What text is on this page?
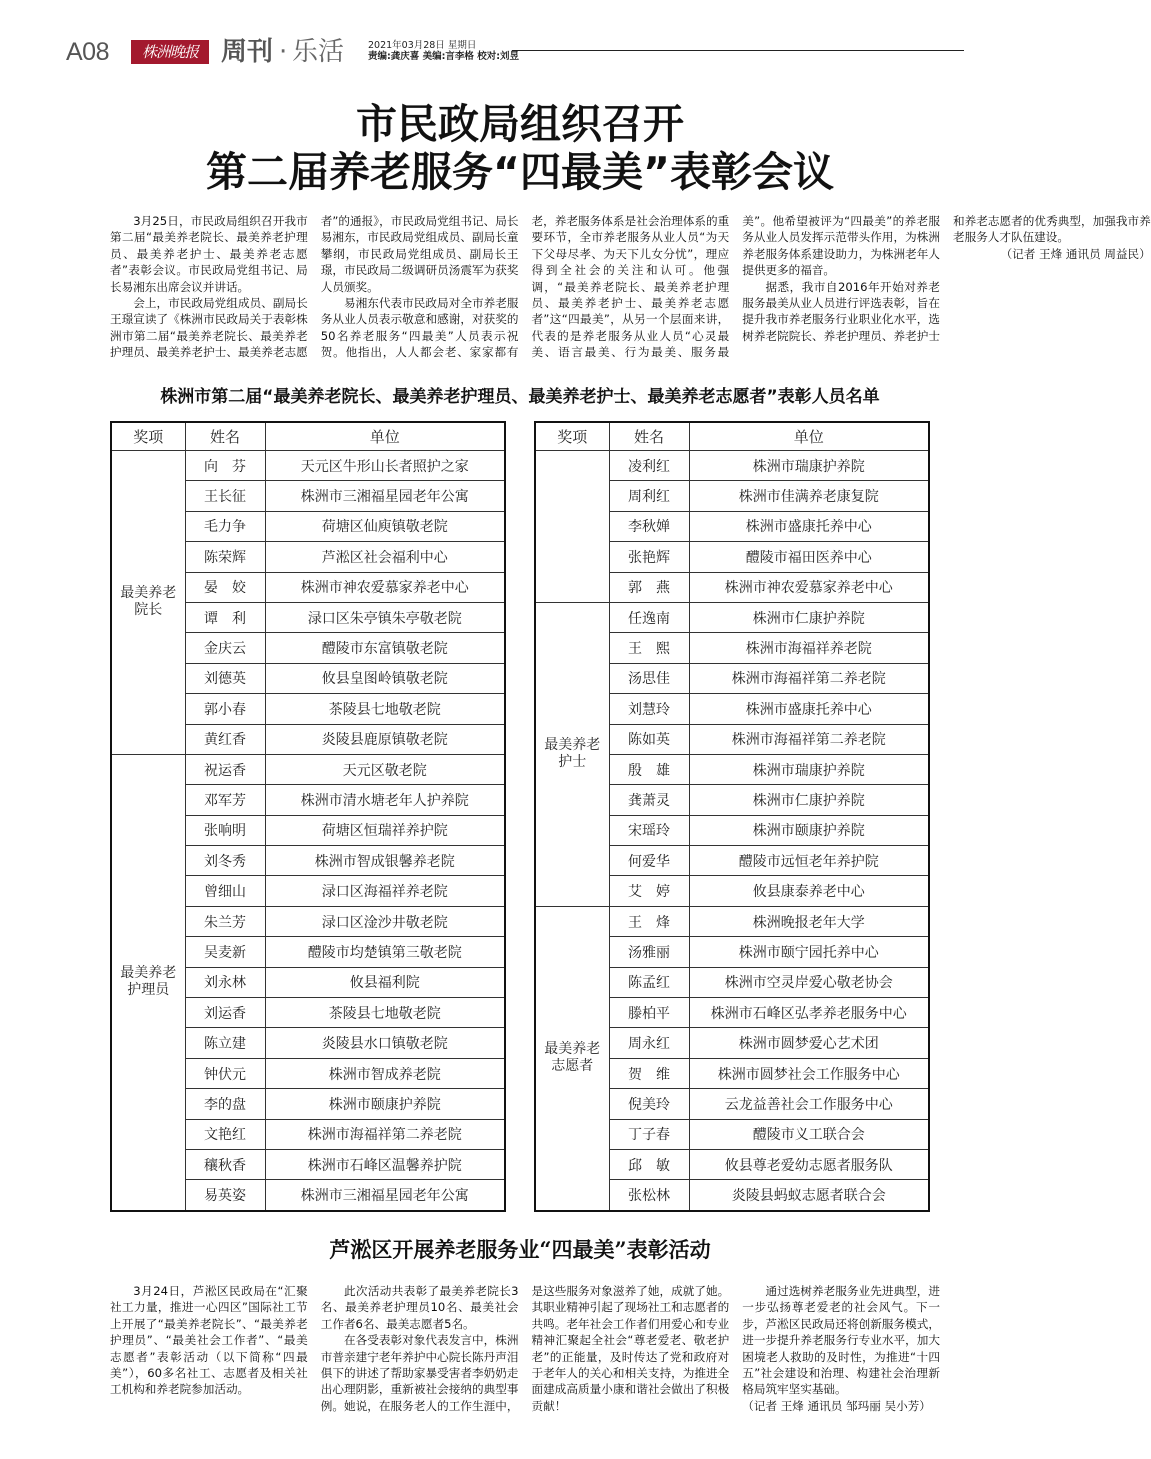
A08	株洲晚报 周刊 · 乐活	2021年03月28日 星期日
责编:龚庆喜 美编:言李格 校对:刘昱
市民政局组织召开
第二届养老服务“四最美”表彰会议

3月25日，市民政局组织召开我市第二届“最美养老院长、最美养老护理员、最美养老护士、最美养老志愿者”表彰会议。市民政局党组书记、局长易湘东出席会议并讲话。

会上，市民政局党组成员、副局长王璟宣读了《株洲市民政局关于表彰株洲市第二届“最美养老院长、最美养老护理员、最美养老护士、最美养老志愿者”的通报》，市民政局党组书记、局长易湘东，市民政局党组成员、副局长童攀纲，市民政局党组成员、副局长王璟，市民政局二级调研员汤震军为获奖人员颁奖。

易湘东代表市民政局对全市养老服务从业人员表示敬意和感谢，对获奖的50名养老服务“四最美”人员表示祝贺。他指出，人人都会老、家家都有老，养老服务体系是社会治理体系的重要环节，全市养老服务从业人员“为天下父母尽孝、为天下儿女分忧”，理应得到全社会的关注和认可。他强调，“最美养老院长、最美养老护理员、最美养老护士、最美养老志愿者”这“四最美”，从另一个层面来讲，代表的是养老服务从业人员“心灵最美、语言最美、行为最美、服务最美”。他希望被评为“四最美”的养老服务从业人员发挥示范带头作用，为株洲养老服务体系建设助力，为株洲老年人提供更多的福音。

据悉，我市自2016年开始对养老服务最美从业人员进行评选表彰，旨在提升我市养老服务行业职业化水平，选树养老院院长、养老护理员、养老护士和养老志愿者的优秀典型，加强我市养老服务人才队伍建设。

（记者 王烽 通讯员 周益民）

株洲市第二届“最美养老院长、最美养老护理员、最美养老护士、最美养老志愿者”表彰人员名单
奖项	姓名	单位
最美养老院长	向　芬	天元区牛形山长者照护之家
	王长征	株洲市三湘福星园老年公寓
	毛力争	荷塘区仙庾镇敬老院
	陈荣辉	芦淞区社会福利中心
	晏　姣	株洲市神农爱慕家养老中心
	谭　利	渌口区朱亭镇朱亭敬老院
	金庆云	醴陵市东富镇敬老院
	刘德英	攸县皇图岭镇敬老院
	郭小春	茶陵县七地敬老院
	黄红香	炎陵县鹿原镇敬老院
最美养老护理员	祝运香	天元区敬老院
	邓军芳	株洲市清水塘老年人护养院
	张响明	荷塘区恒瑞祥养护院
	刘冬秀	株洲市智成银馨养老院
	曾细山	渌口区海福祥养老院
	朱兰芳	渌口区淦沙井敬老院
	吴麦新	醴陵市均楚镇第三敬老院
	刘永林	攸县福利院
	刘运香	茶陵县七地敬老院
	陈立建	炎陵县水口镇敬老院
	钟伏元	株洲市智成养老院
	李的盘	株洲市颐康护养院
	文艳红	株洲市海福祥第二养老院
	穰秋香	株洲市石峰区温馨养护院
	易英姿	株洲市三湘福星园老年公寓
奖项	姓名	单位
	凌利红	株洲市瑞康护养院
	周利红	株洲市佳满养老康复院
	李秋婵	株洲市盛康托养中心
	张艳辉	醴陵市福田医养中心
	郭　燕	株洲市神农爱慕家养老中心
最美养老护士	任逸南	株洲市仁康护养院
	王　熙	株洲市海福祥养老院
	汤思佳	株洲市海福祥第二养老院
	刘慧玲	株洲市盛康托养中心
	陈如英	株洲市海福祥第二养老院
	殷　雄	株洲市瑞康护养院
	龚萧灵	株洲市仁康护养院
	宋瑶玲	株洲市颐康护养院
	何爱华	醴陵市远恒老年养护院
	艾　婷	攸县康泰养老中心
最美养老志愿者	王　烽	株洲晚报老年大学
	汤雅丽	株洲市颐宁园托养中心
	陈孟红	株洲市空灵岸爱心敬老协会
	滕柏平	株洲市石峰区弘孝养老服务中心
	周永红	株洲市圆梦爱心艺术团
	贺　维	株洲市圆梦社会工作服务中心
	倪美玲	云龙益善社会工作服务中心
	丁子春	醴陵市义工联合会
	邱　敏	攸县尊老爱幼志愿者服务队
	张松林	炎陵县蚂蚁志愿者联合会
芦淞区开展养老服务业“四最美”表彰活动

3月24日，芦淞区民政局在“汇聚社工力量，推进一心四区”国际社工节上开展了“最美养老院长”、“最美养老护理员”、“最美社会工作者”、“最美志愿者”表彰活动（以下简称“四最美”），60多名社工、志愿者及相关社工机构和养老院参加活动。

此次活动共表彰了最美养老院长3名、最美养老护理员10名、最美社会工作者6名、最美志愿者5名。

在各受表彰对象代表发言中，株洲市普亲建宁老年养护中心院长陈丹声泪俱下的讲述了帮助家暴受害者李奶奶走出心理阴影，重新被社会接纳的典型事例。她说，在服务老人的工作生涯中，是这些服务对象滋养了她，成就了她。其职业精神引起了现场社工和志愿者的共鸣。老年社会工作者们用爱心和专业精神汇聚起全社会“尊老爱老、敬老护老”的正能量，及时传达了党和政府对于老年人的关心和相关支持，为推进全面建成高质量小康和谐社会做出了积极贡献！

通过选树养老服务业先进典型，进一步弘扬尊老爱老的社会风气。下一步，芦淞区民政局还将创新服务模式，进一步提升养老服务行专业水平，加大困境老人救助的及时性，为推进“十四五”社会建设和治理、构建社会治理新格局筑牢坚实基础。

（记者 王烽 通讯员 邹玛丽 吴小芳）
